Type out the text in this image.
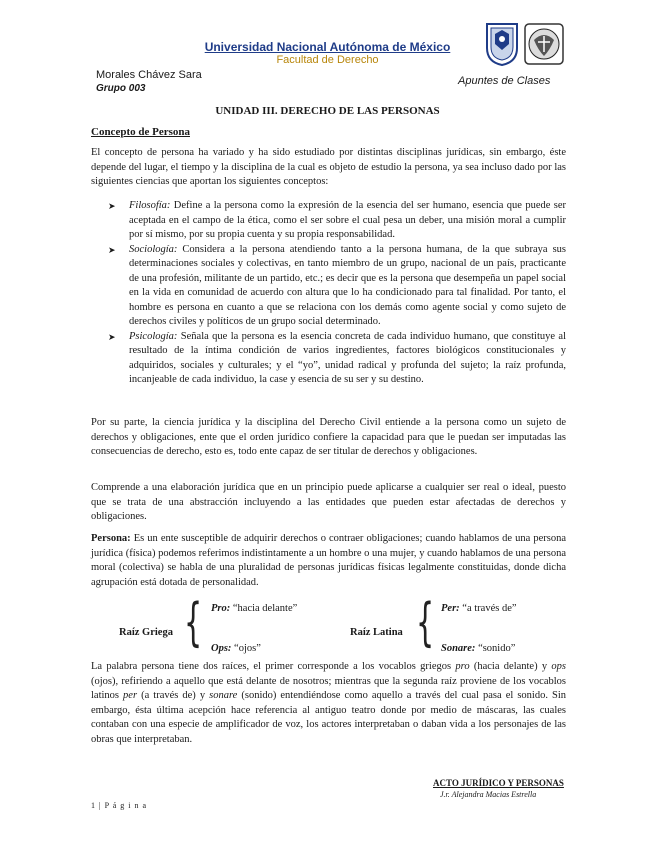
Universidad Nacional Autónoma de México
Facultad de Derecho
Morales Chávez Sara
Grupo 003
Apuntes de Clases
UNIDAD III. DERECHO DE LAS PERSONAS
Concepto de Persona
El concepto de persona ha variado y ha sido estudiado por distintas disciplinas jurídicas, sin embargo, éste depende del lugar, el tiempo y la disciplina de la cual es objeto de estudio la persona, ya sea incluso dado por las siguientes ciencias que aportan los siguientes conceptos:
➤ Filosofía: Define a la persona como la expresión de la esencia del ser humano, esencia que puede ser aceptada en el campo de la ética, como el ser sobre el cual pesa un deber, una misión moral a cumplir por sí mismo, por su propia cuenta y su propia responsabilidad.
➤ Sociología: Considera a la persona atendiendo tanto a la persona humana, de la que subraya sus determinaciones sociales y colectivas, en tanto miembro de un grupo, nacional de un país, practicante de una profesión, militante de un partido, etc.; es decir que es la persona que desempeña un papel social en la vida en comunidad de acuerdo con altura que lo ha condicionado para tal finalidad. Por tanto, el hombre es persona en cuanto a que se relaciona con los demás como agente social y como sujeto de derechos civiles y políticos de un grupo social determinado.
➤ Psicología: Señala que la persona es la esencia concreta de cada individuo humano, que constituye al resultado de la íntima condición de varios ingredientes, factores biológicos constitucionales y adquiridos, sociales y culturales; y el “yo”, unidad radical y profunda del sujeto; la raíz profunda, incanjeable de cada individuo, la case y esencia de su ser y su destino.
Por su parte, la ciencia jurídica y la disciplina del Derecho Civil entiende a la persona como un sujeto de derechos y obligaciones, ente que el orden jurídico confiere la capacidad para que le puedan ser imputadas las consecuencias de derecho, esto es, todo ente capaz de ser titular de derechos y obligaciones.
Comprende a una elaboración jurídica que en un principio puede aplicarse a cualquier ser real o ideal, puesto que se trata de una abstracción incluyendo a las entidades que pueden estar afectadas de derechos y obligaciones.
Persona: Es un ente susceptible de adquirir derechos o contraer obligaciones; cuando hablamos de una persona jurídica (física) podemos referimos indistintamente a un hombre o una mujer, y cuando hablamos de una persona moral (colectiva) se habla de una pluralidad de personas jurídicas físicas legalmente constituidas, donde dicha agrupación está dotada de personalidad.
Raíz Griega { Pro: “hacia delante”
Ops: “ojos”
Raíz Latina { Per: “a través de”
Sonare: “sonido”
La palabra persona tiene dos raíces, el primer corresponde a los vocablos griegos pro (hacia delante) y ops (ojos), refiriendo a aquello que está delante de nosotros; mientras que la segunda raíz proviene de los vocablos latinos per (a través de) y sonare (sonido) entendiéndose como aquello a través del cual pasa el sonido. Sin embargo, ésta última acepción hace referencia al antiguo teatro donde por medio de máscaras, las cuales contaban con una especie de amplificador de voz, los actores interpretaban o daban vida a los personajes de las obras que interpretaban.
ACTO JURÍDICO Y PERSONAS
J.r. Alejandra Macias Estrella
1 | P á g i n a
